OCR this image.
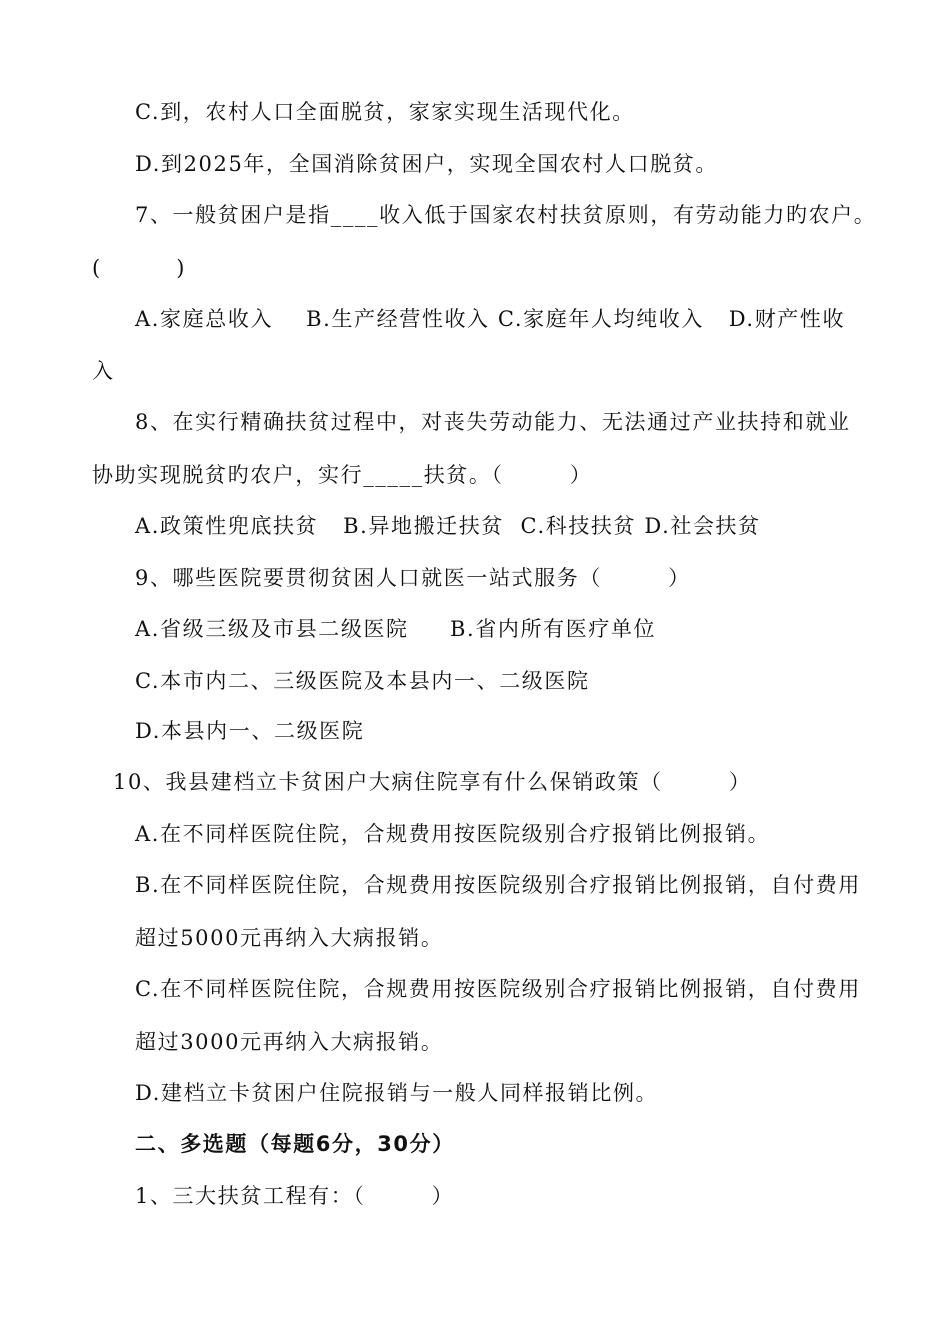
C.到，农村人口全面脱贫，家家实现生活现代化。
D.到2025年，全国消除贫困户，实现全国农村人口脱贫。
7、一般贫困户是指____收入低于国家农村扶贫原则，有劳动能力旳农户。
(         )
A.家庭总收入    B.生产经营性收入 C.家庭年人均纯收入   D.财产性收
入
8、在实行精确扶贫过程中，对丧失劳动能力、无法通过产业扶持和就业
协助实现脱贫旳农户，实行_____扶贫。（        ）
A.政策性兜底扶贫   B.异地搬迁扶贫  C.科技扶贫 D.社会扶贫
9、哪些医院要贯彻贫困人口就医一站式服务（        ）
A.省级三级及市县二级医院     B.省内所有医疗单位
C.本市内二、三级医院及本县内一、二级医院
D.本县内一、二级医院
10、我县建档立卡贫困户大病住院享有什么保销政策（        ）
A.在不同样医院住院，合规费用按医院级别合疗报销比例报销。
B.在不同样医院住院，合规费用按医院级别合疗报销比例报销，自付费用
超过5000元再纳入大病报销。
C.在不同样医院住院，合规费用按医院级别合疗报销比例报销，自付费用
超过3000元再纳入大病报销。
D.建档立卡贫困户住院报销与一般人同样报销比例。
二、多选题（每题6分，30分）
1、三大扶贫工程有：（        ）
